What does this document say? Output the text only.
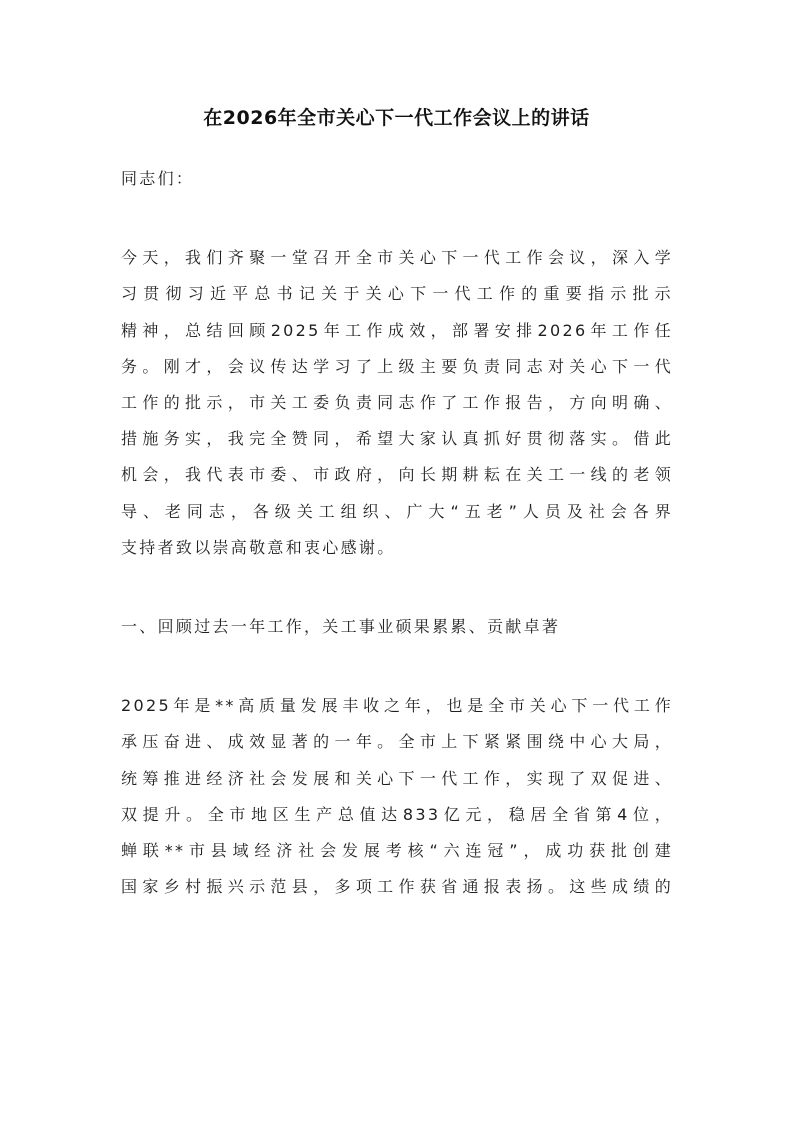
在2026年全市关心下一代工作会议上的讲话

同志们：

今天，我们齐聚一堂召开全市关心下一代工作会议，深入学
习贯彻习近平总书记关于关心下一代工作的重要指示批示
精神，总结回顾2025年工作成效，部署安排2026年工作任
务。刚才，会议传达学习了上级主要负责同志对关心下一代
工作的批示，市关工委负责同志作了工作报告，方向明确、
措施务实，我完全赞同，希望大家认真抓好贯彻落实。借此
机会，我代表市委、市政府，向长期耕耘在关工一线的老领
导、老同志，各级关工组织、广大“五老”人员及社会各界
支持者致以崇高敬意和衷心感谢。

一、回顾过去一年工作，关工事业硕果累累、贡献卓著

2025年是**高质量发展丰收之年，也是全市关心下一代工作
承压奋进、成效显著的一年。全市上下紧紧围绕中心大局，
统筹推进经济社会发展和关心下一代工作，实现了双促进、
双提升。全市地区生产总值达833亿元，稳居全省第4位，
蝉联**市县域经济社会发展考核“六连冠”，成功获批创建
国家乡村振兴示范县，多项工作获省通报表扬。这些成绩的
